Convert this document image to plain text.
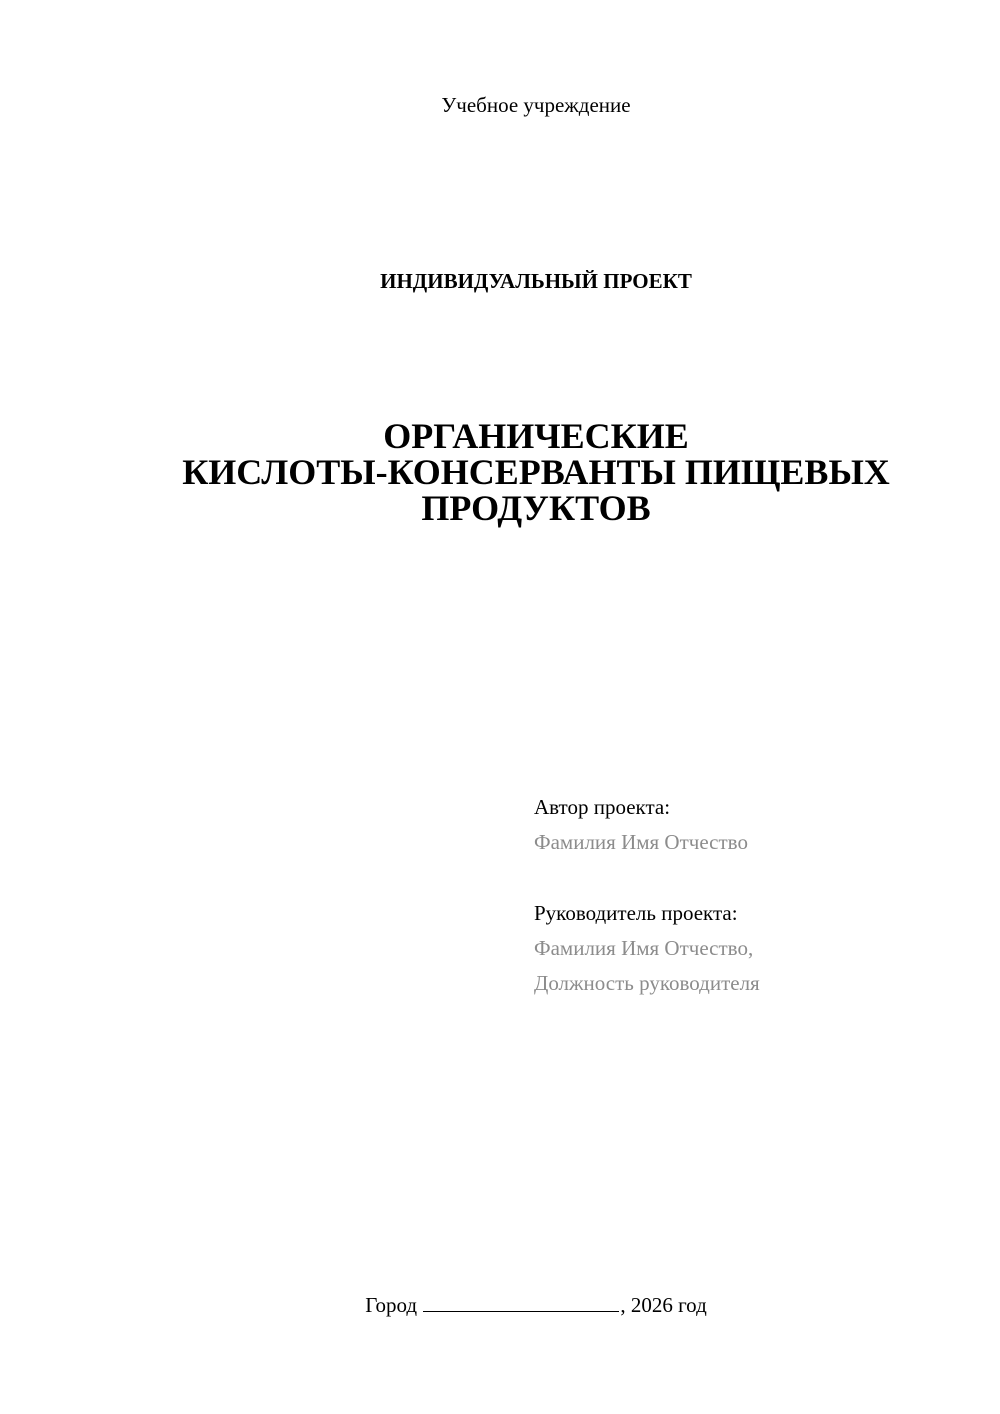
Учебное учреждение
ИНДИВИДУАЛЬНЫЙ ПРОЕКТ
ОРГАНИЧЕСКИЕ
КИСЛОТЫ-КОНСЕРВАНТЫ ПИЩЕВЫХ
ПРОДУКТОВ
Автор проекта:
Фамилия Имя Отчество
Руководитель проекта:
Фамилия Имя Отчество,
Должность руководителя
Город	, 2026 год
